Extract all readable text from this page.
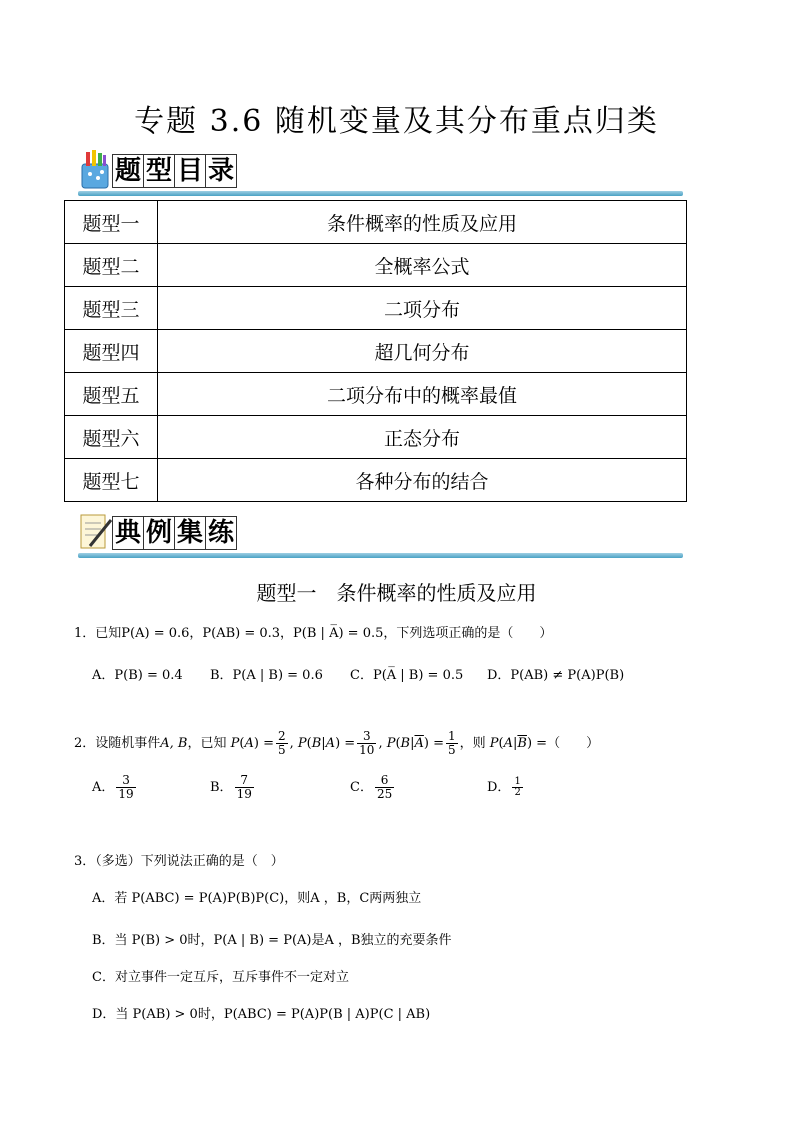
专题 3.6 随机变量及其分布重点归类
题 型 目 录
题型一	条件概率的性质及应用
题型二	全概率公式
题型三	二项分布
题型四	超几何分布
题型五	二项分布中的概率最值
题型六	正态分布
题型七	各种分布的结合
典 例 集 练
题型一　条件概率的性质及应用
1．已知P(A) = 0.6，P(AB) = 0.3，P(B | A̅) = 0.5，下列选项正确的是（　　）
A．P(B) = 0.4 B．P(A | B) = 0.6 C．P(A̅ | B) = 0.5 D．P(AB) ≠ P(A)P(B)
2．设随机事件A, B，已知 $P(A) = \frac{2}{5}$ , $P(B|A) = \frac{3}{10}$ , $P(B|\overline{A}) = \frac{1}{5}$ ，则 $P(A|\overline{B})$ =（　　）
A． $\frac{3}{19}$	B． $\frac{7}{19}$	C． $\frac{6}{25}$	D． $\frac{1}{2}$
3．（多选）下列说法正确的是（　）
A．若 P(ABC) = P(A)P(B)P(C)，则A ，B，C两两独立
B．当 P(B) > 0时，P(A | B) = P(A)是A ，B独立的充要条件
C．对立事件一定互斥，互斥事件不一定对立
D．当 P(AB) > 0时，P(ABC) = P(A)P(B | A)P(C | AB)
